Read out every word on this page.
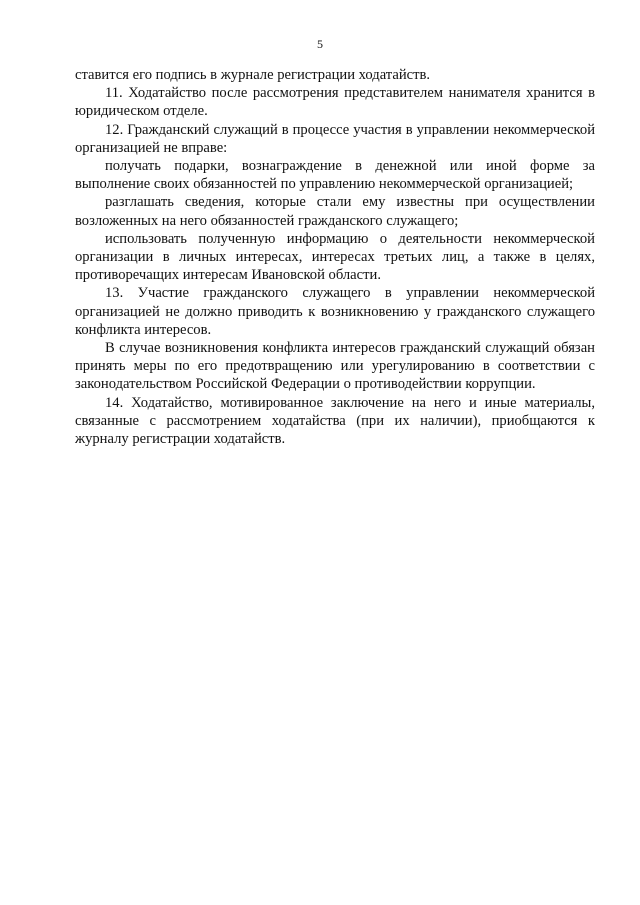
5

ставится его подпись в журнале регистрации ходатайств.

11. Ходатайство после рассмотрения представителем нанимателя хранится в юридическом отделе.

12. Гражданский служащий в процессе участия в управлении некоммерческой организацией не вправе:

получать подарки, вознаграждение в денежной или иной форме за выполнение своих обязанностей по управлению некоммерческой организацией;

разглашать сведения, которые стали ему известны при осуществлении возложенных на него обязанностей гражданского служащего;

использовать полученную информацию о деятельности некоммерческой организации в личных интересах, интересах третьих лиц, а также в целях, противоречащих интересам Ивановской области.

13. Участие гражданского служащего в управлении некоммерческой организацией не должно приводить к возникновению у гражданского служащего конфликта интересов.

В случае возникновения конфликта интересов гражданский служащий обязан принять меры по его предотвращению или урегулированию в соответствии с законодательством Российской Федерации о противодействии коррупции.

14. Ходатайство, мотивированное заключение на него и иные материалы, связанные с рассмотрением ходатайства (при их наличии), приобщаются к журналу регистрации ходатайств.
